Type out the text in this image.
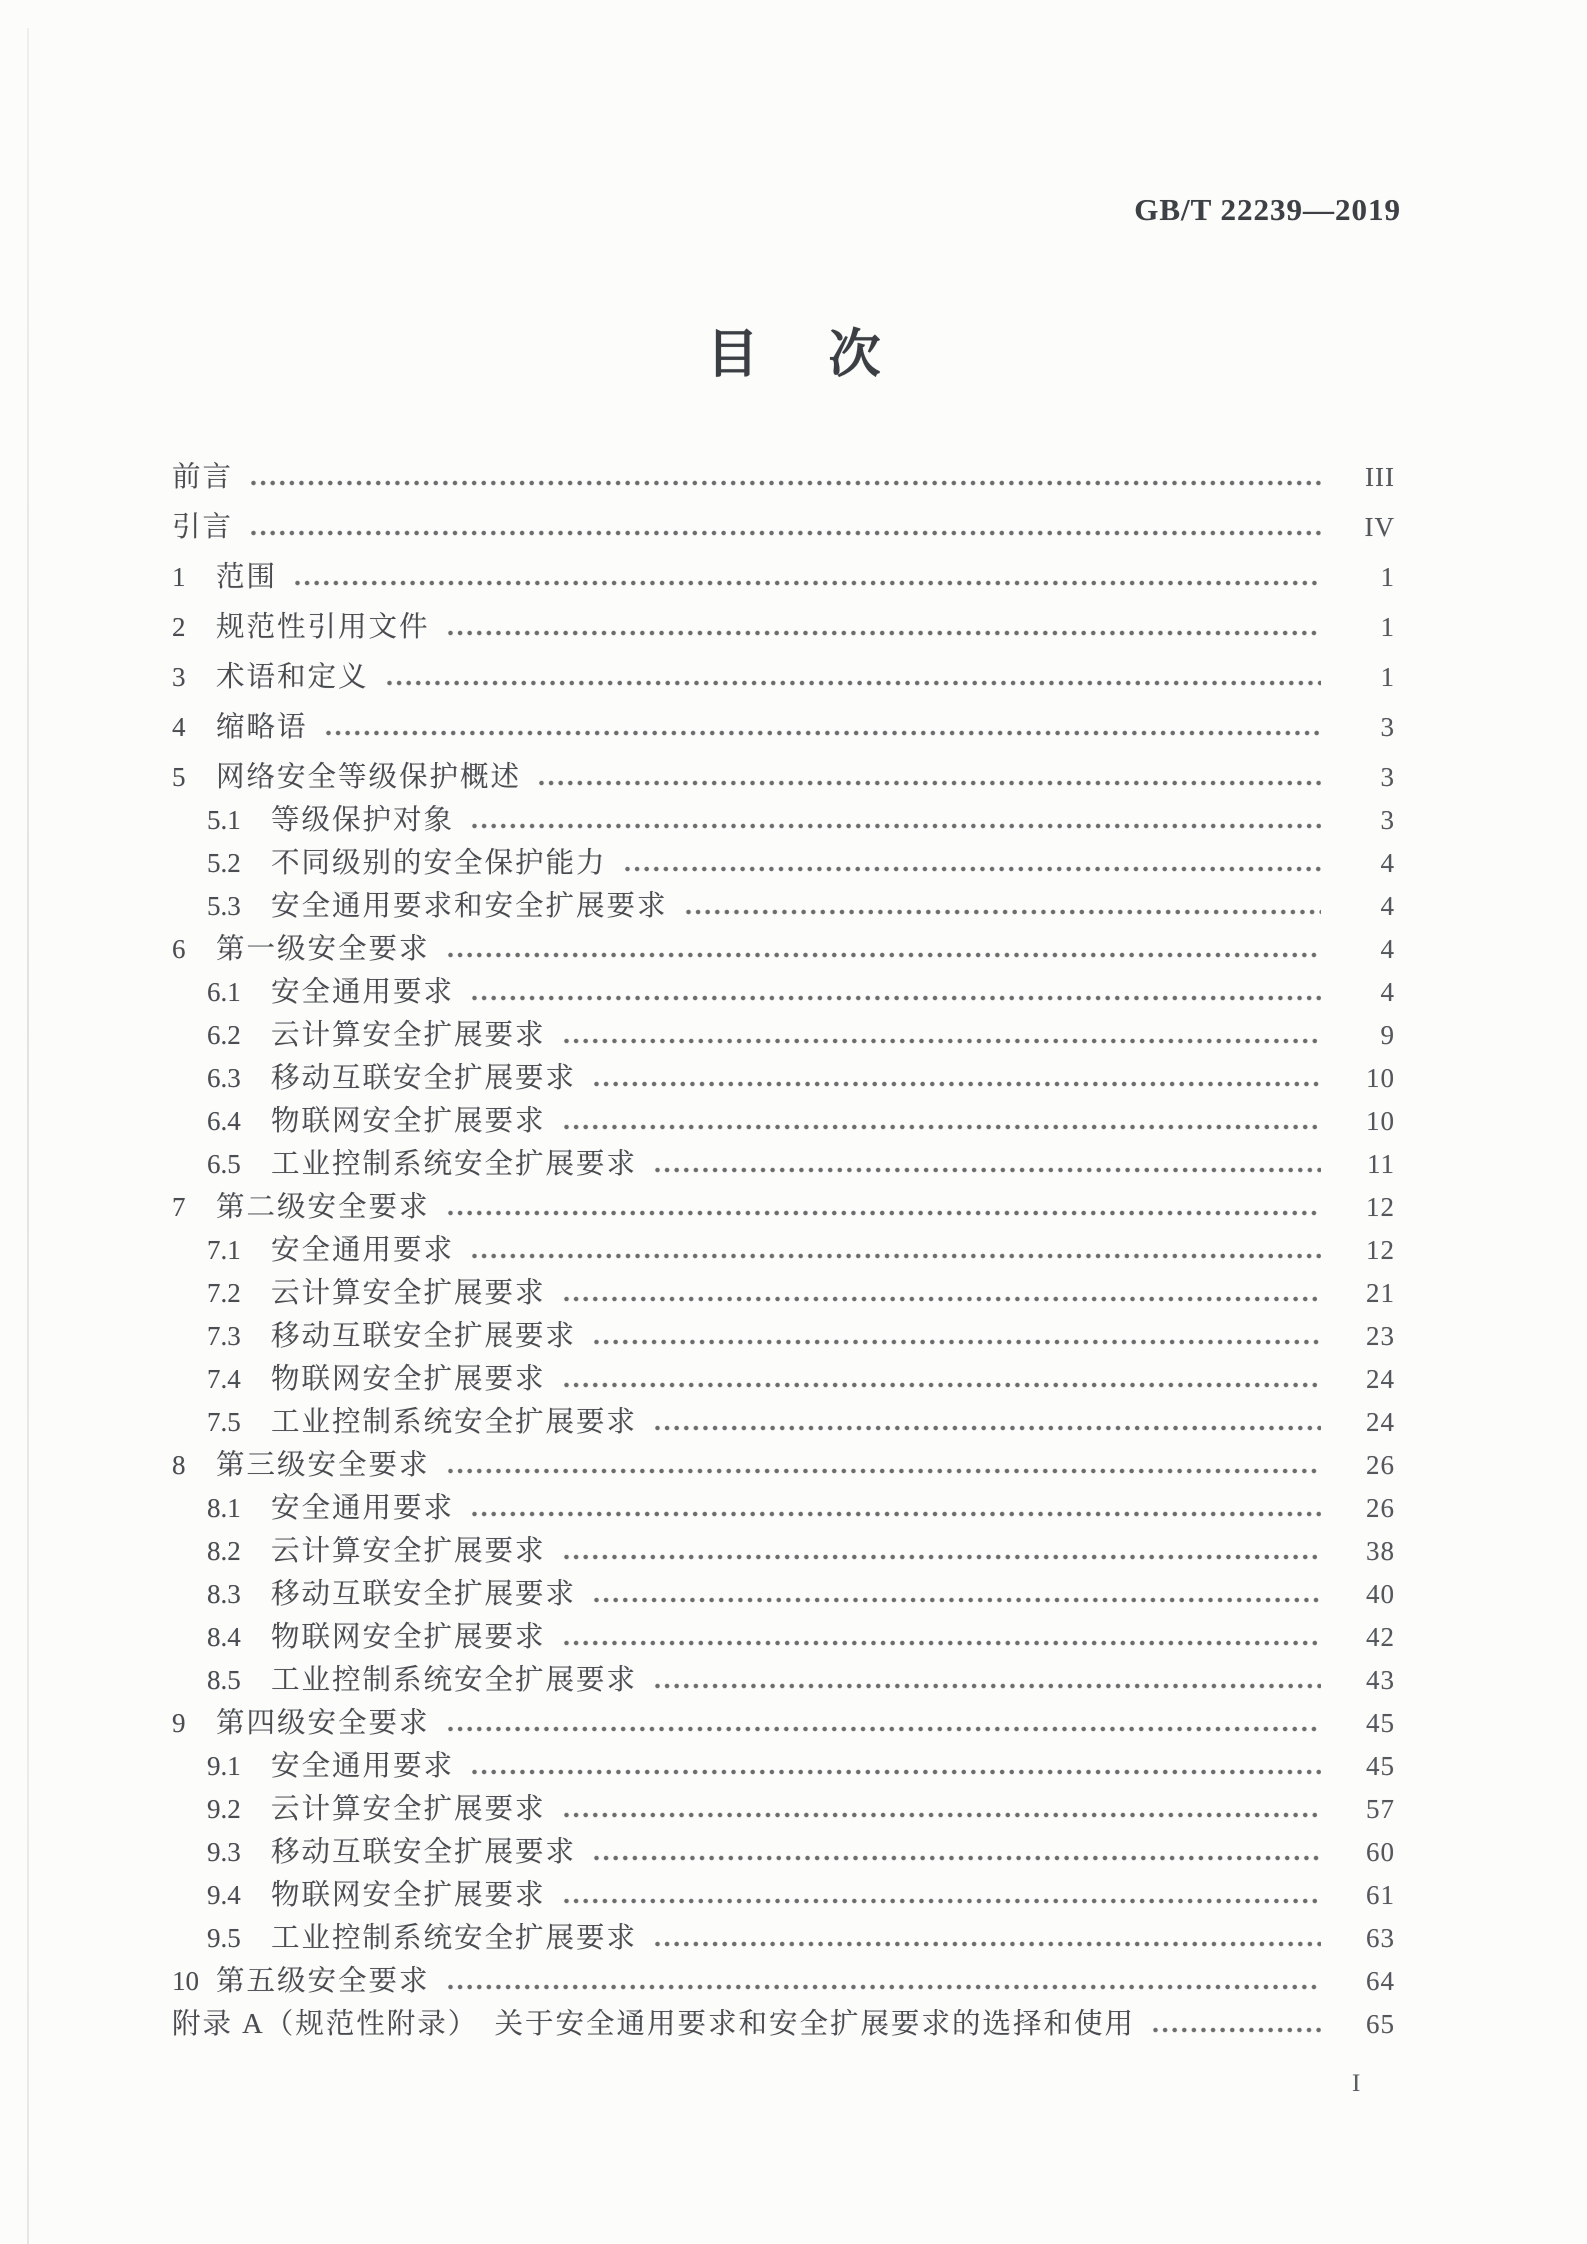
GB/T 22239—2019
目次
前言	III
引言	IV
1	范围	1
2	规范性引用文件	1
3	术语和定义	1
4	缩略语	3
5	网络安全等级保护概述	3
5.1	等级保护对象	3
5.2	不同级别的安全保护能力	4
5.3	安全通用要求和安全扩展要求	4
6	第一级安全要求	4
6.1	安全通用要求	4
6.2	云计算安全扩展要求	9
6.3	移动互联安全扩展要求	10
6.4	物联网安全扩展要求	10
6.5	工业控制系统安全扩展要求	11
7	第二级安全要求	12
7.1	安全通用要求	12
7.2	云计算安全扩展要求	21
7.3	移动互联安全扩展要求	23
7.4	物联网安全扩展要求	24
7.5	工业控制系统安全扩展要求	24
8	第三级安全要求	26
8.1	安全通用要求	26
8.2	云计算安全扩展要求	38
8.3	移动互联安全扩展要求	40
8.4	物联网安全扩展要求	42
8.5	工业控制系统安全扩展要求	43
9	第四级安全要求	45
9.1	安全通用要求	45
9.2	云计算安全扩展要求	57
9.3	移动互联安全扩展要求	60
9.4	物联网安全扩展要求	61
9.5	工业控制系统安全扩展要求	63
10 第五级安全要求	64
附录 A（规范性附录）　关于安全通用要求和安全扩展要求的选择和使用	65
I
